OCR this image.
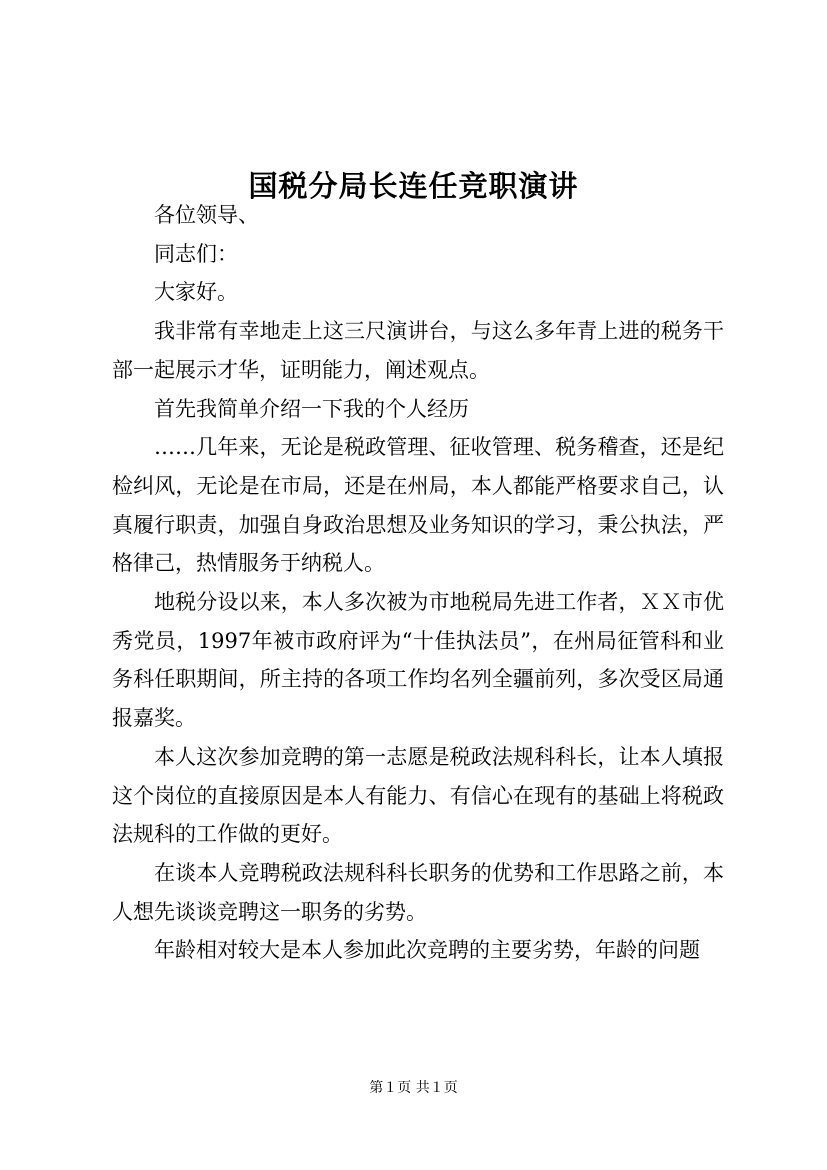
国税分局长连任竞职演讲

各位领导、

同志们：

大家好。

我非常有幸地走上这三尺演讲台，与这么多年青上进的税务干部一起展示才华，证明能力，阐述观点。

首先我简单介绍一下我的个人经历

……几年来，无论是税政管理、征收管理、税务稽查，还是纪检纠风，无论是在市局，还是在州局，本人都能严格要求自己，认真履行职责，加强自身政治思想及业务知识的学习，秉公执法，严格律己，热情服务于纳税人。

地税分设以来，本人多次被为市地税局先进工作者，ＸＸ市优秀党员，1997年被市政府评为“十佳执法员”，在州局征管科和业务科任职期间，所主持的各项工作均名列全疆前列，多次受区局通报嘉奖。

本人这次参加竞聘的第一志愿是税政法规科科长，让本人填报这个岗位的直接原因是本人有能力、有信心在现有的基础上将税政法规科的工作做的更好。

在谈本人竞聘税政法规科科长职务的优势和工作思路之前，本人想先谈谈竞聘这一职务的劣势。

年龄相对较大是本人参加此次竞聘的主要劣势，年龄的问题

第１页 共１页
